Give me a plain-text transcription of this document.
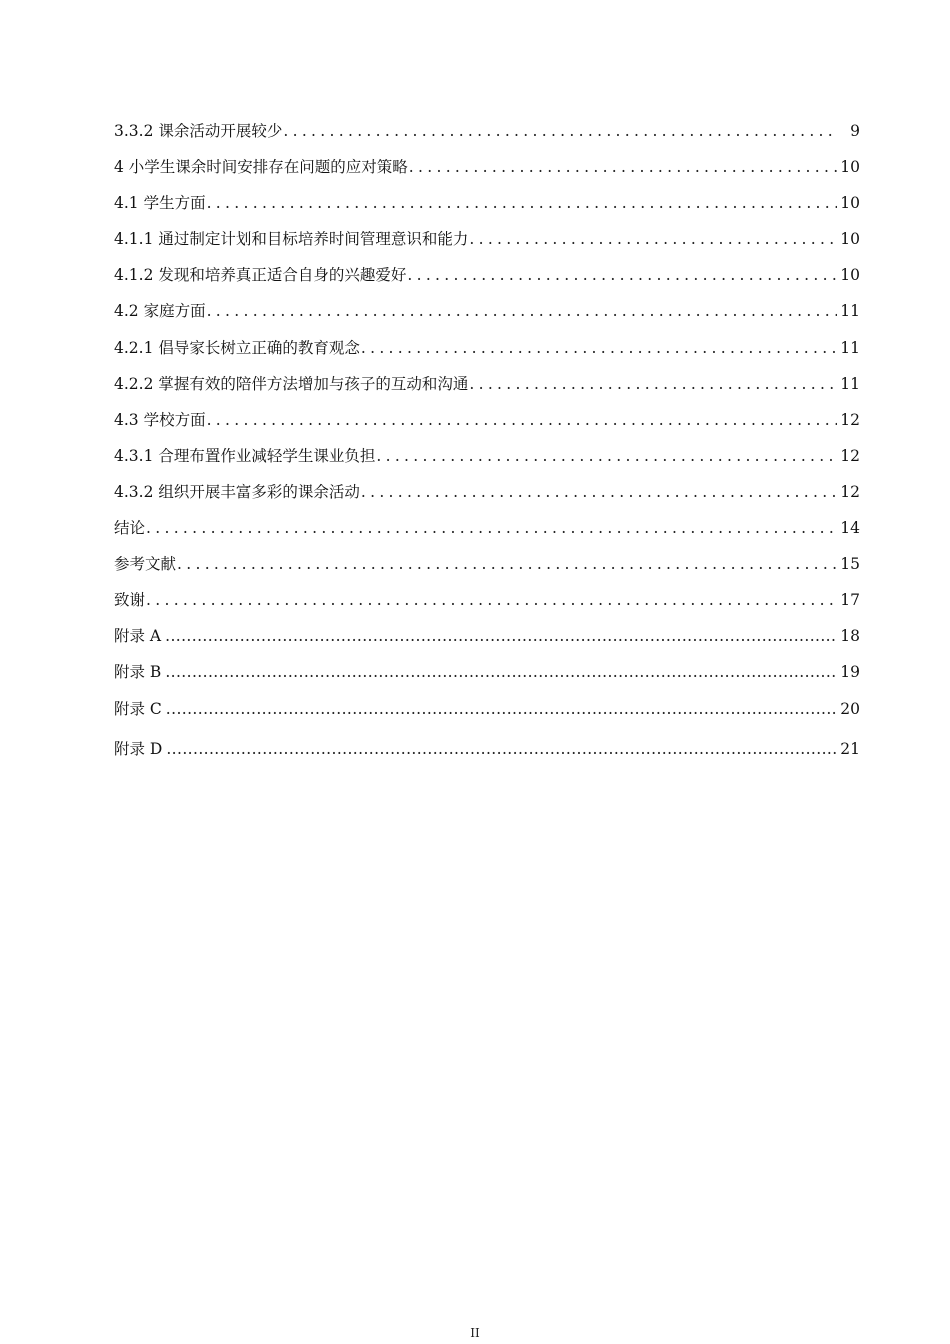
3.3.2 课余活动开展较少 .....	9
4 小学生课余时间安排存在问题的应对策略 .....	10
4.1 学生方面 .....	10
4.1.1 通过制定计划和目标培养时间管理意识和能力 .....	10
4.1.2 发现和培养真正适合自身的兴趣爱好 .....	10
4.2 家庭方面 .....	11
4.2.1 倡导家长树立正确的教育观念 .....	11
4.2.2 掌握有效的陪伴方法增加与孩子的互动和沟通 .....	11
4.3 学校方面 .....	12
4.3.1 合理布置作业减轻学生课业负担 .....	12
4.3.2 组织开展丰富多彩的课余活动 .....	12
结论 .....	14
参考文献 .....	15
致谢 .....	17
附录 A .....	18
附录 B .....	19
附录 C .....	20
附录 D .....	21
II
